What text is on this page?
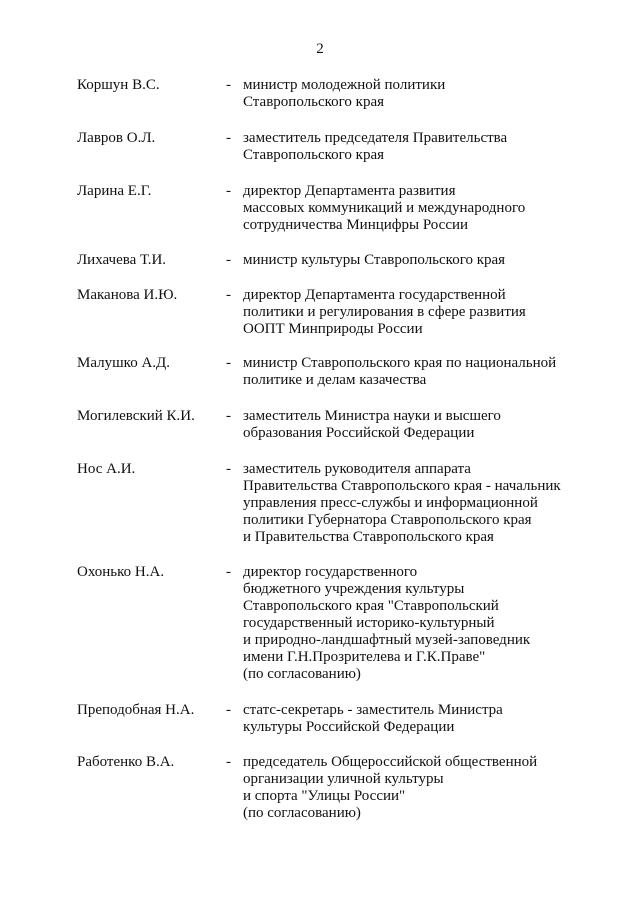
2
Коршун В.С.	- министр молодежной политики
Ставропольского края
Лавров О.Л.	- заместитель председателя Правительства
Ставропольского края
Ларина Е.Г.	- директор Департамента развития
массовых коммуникаций и международного
сотрудничества Минцифры России
Лихачева Т.И.	- министр культуры Ставропольского края
Маканова И.Ю.	- директор Департамента государственной
политики и регулирования в сфере развития
ООПТ Минприроды России
Малушко А.Д.	- министр Ставропольского края по национальной
политике и делам казачества
Могилевский К.И. - заместитель Министра науки и высшего
образования Российской Федерации
Нос А.И.	- заместитель руководителя аппарата
Правительства Ставропольского края - начальник
управления пресс-службы и информационной
политики Губернатора Ставропольского края
и Правительства Ставропольского края
Охонько Н.А.	- директор государственного
бюджетного учреждения культуры
Ставропольского края "Ставропольский
государственный историко-культурный
и природно-ландшафтный музей-заповедник
имени Г.Н.Прозрителева и Г.К.Праве"
(по согласованию)
Преподобная Н.А. - статс-секретарь - заместитель Министра
культуры Российской Федерации
Работенко В.А.	- председатель Общероссийской общественной
организации уличной культуры
и спорта "Улицы России"
(по согласованию)
